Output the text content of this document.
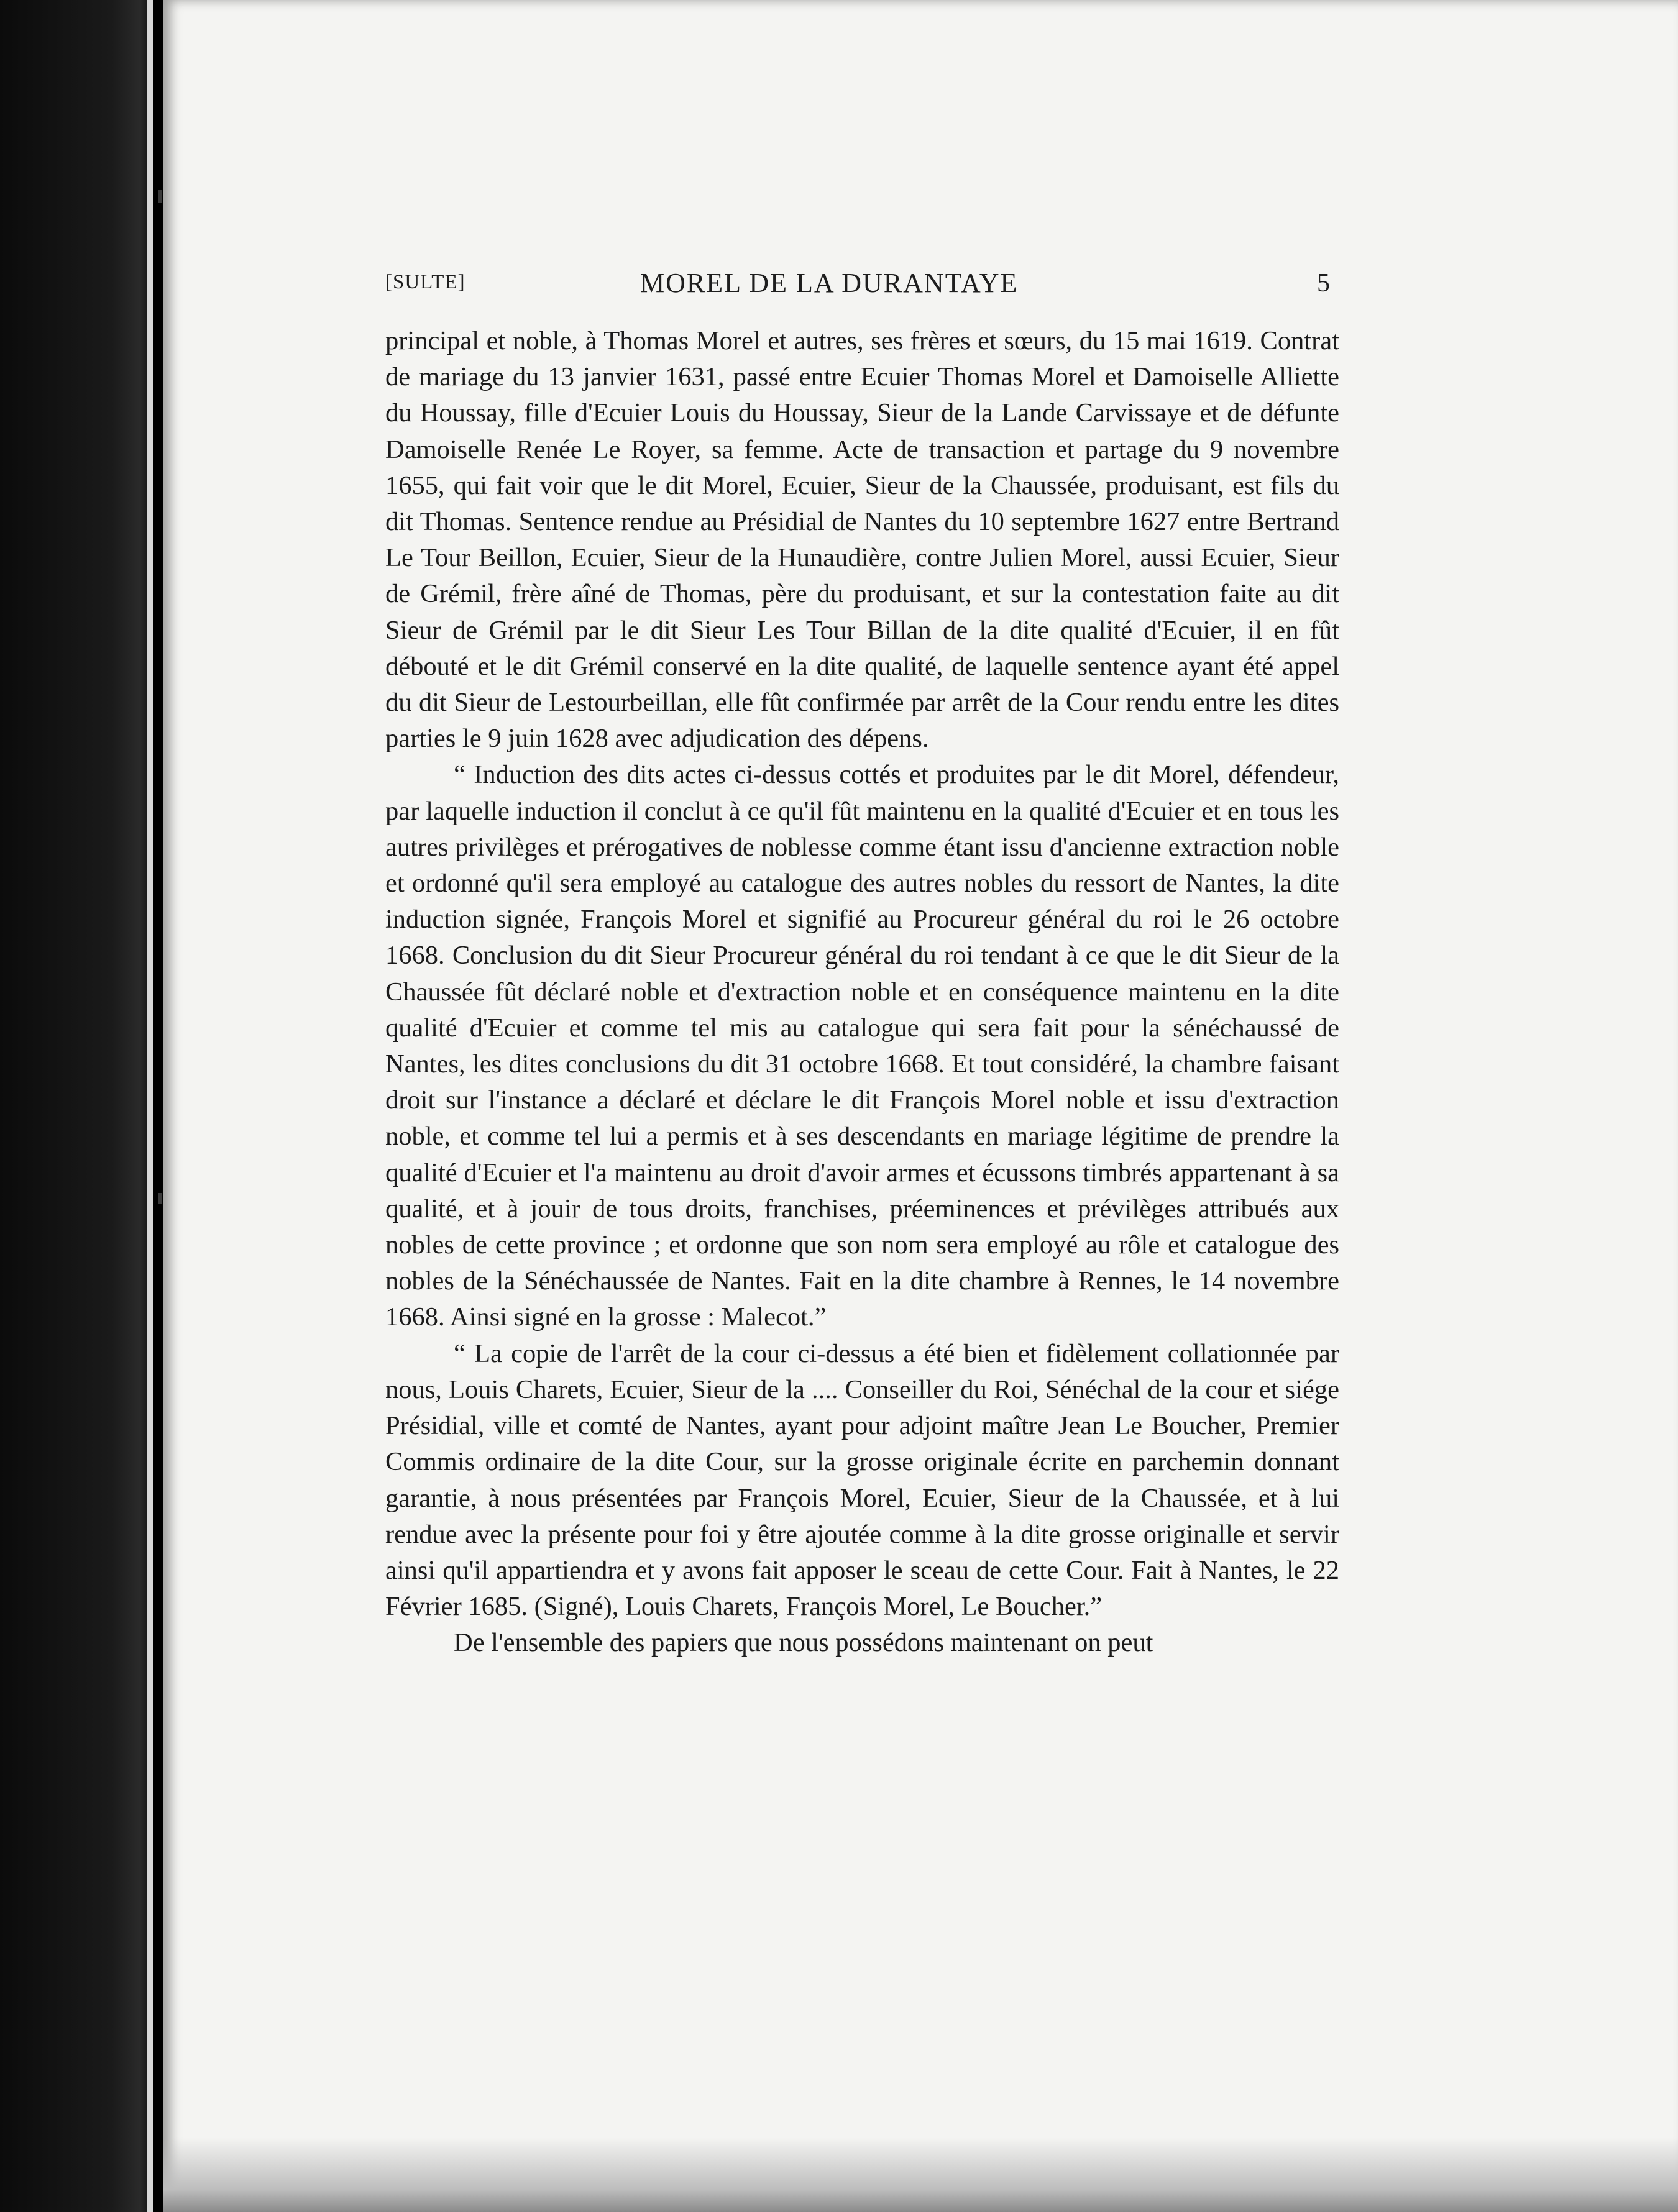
[SULTE]	MOREL DE LA DURANTAYE	5

principal et noble, à Thomas Morel et autres, ses frères et sœurs, du 15 mai 1619. Contrat de mariage du 13 janvier 1631, passé entre Ecuier Thomas Morel et Damoiselle Alliette du Houssay, fille d'Ecuier Louis du Houssay, Sieur de la Lande Carvissaye et de défunte Damoiselle Renée Le Royer, sa femme. Acte de transaction et partage du 9 novembre 1655, qui fait voir que le dit Morel, Ecuier, Sieur de la Chaussée, produisant, est fils du dit Thomas. Sentence rendue au Présidial de Nantes du 10 septembre 1627 entre Bertrand Le Tour Beillon, Ecuier, Sieur de la Hunaudière, contre Julien Morel, aussi Ecuier, Sieur de Grémil, frère aîné de Thomas, père du produisant, et sur la contestation faite au dit Sieur de Grémil par le dit Sieur Les Tour Billan de la dite qualité d'Ecuier, il en fût débouté et le dit Grémil conservé en la dite qualité, de laquelle sentence ayant été appel du dit Sieur de Lestourbeillan, elle fût confirmée par arrêt de la Cour rendu entre les dites parties le 9 juin 1628 avec adjudication des dépens.

“ Induction des dits actes ci-dessus cottés et produites par le dit Morel, défendeur, par laquelle induction il conclut à ce qu'il fût maintenu en la qualité d'Ecuier et en tous les autres privilèges et prérogatives de noblesse comme étant issu d'ancienne extraction noble et ordonné qu'il sera employé au catalogue des autres nobles du ressort de Nantes, la dite induction signée, François Morel et signifié au Procureur général du roi le 26 octobre 1668. Conclusion du dit Sieur Procureur général du roi tendant à ce que le dit Sieur de la Chaussée fût déclaré noble et d'extraction noble et en conséquence maintenu en la dite qualité d'Ecuier et comme tel mis au catalogue qui sera fait pour la sénéchaussé de Nantes, les dites conclusions du dit 31 octobre 1668. Et tout considéré, la chambre faisant droit sur l'instance a déclaré et déclare le dit François Morel noble et issu d'extraction noble, et comme tel lui a permis et à ses descendants en mariage légitime de prendre la qualité d'Ecuier et l'a maintenu au droit d'avoir armes et écussons timbrés appartenant à sa qualité, et à jouir de tous droits, franchises, préeminences et prévilèges attribués aux nobles de cette province ; et ordonne que son nom sera employé au rôle et catalogue des nobles de la Sénéchaussée de Nantes. Fait en la dite chambre à Rennes, le 14 novembre 1668. Ainsi signé en la grosse : Malecot.”

“ La copie de l'arrêt de la cour ci-dessus a été bien et fidèlement collationnée par nous, Louis Charets, Ecuier, Sieur de la .... Conseiller du Roi, Sénéchal de la cour et siége Présidial, ville et comté de Nantes, ayant pour adjoint maître Jean Le Boucher, Premier Commis ordinaire de la dite Cour, sur la grosse originale écrite en parchemin donnant garantie, à nous présentées par François Morel, Ecuier, Sieur de la Chaussée, et à lui rendue avec la présente pour foi y être ajoutée comme à la dite grosse originalle et servir ainsi qu'il appartiendra et y avons fait apposer le sceau de cette Cour. Fait à Nantes, le 22 Février 1685. (Signé), Louis Charets, François Morel, Le Boucher.”

De l'ensemble des papiers que nous possédons maintenant on peut
